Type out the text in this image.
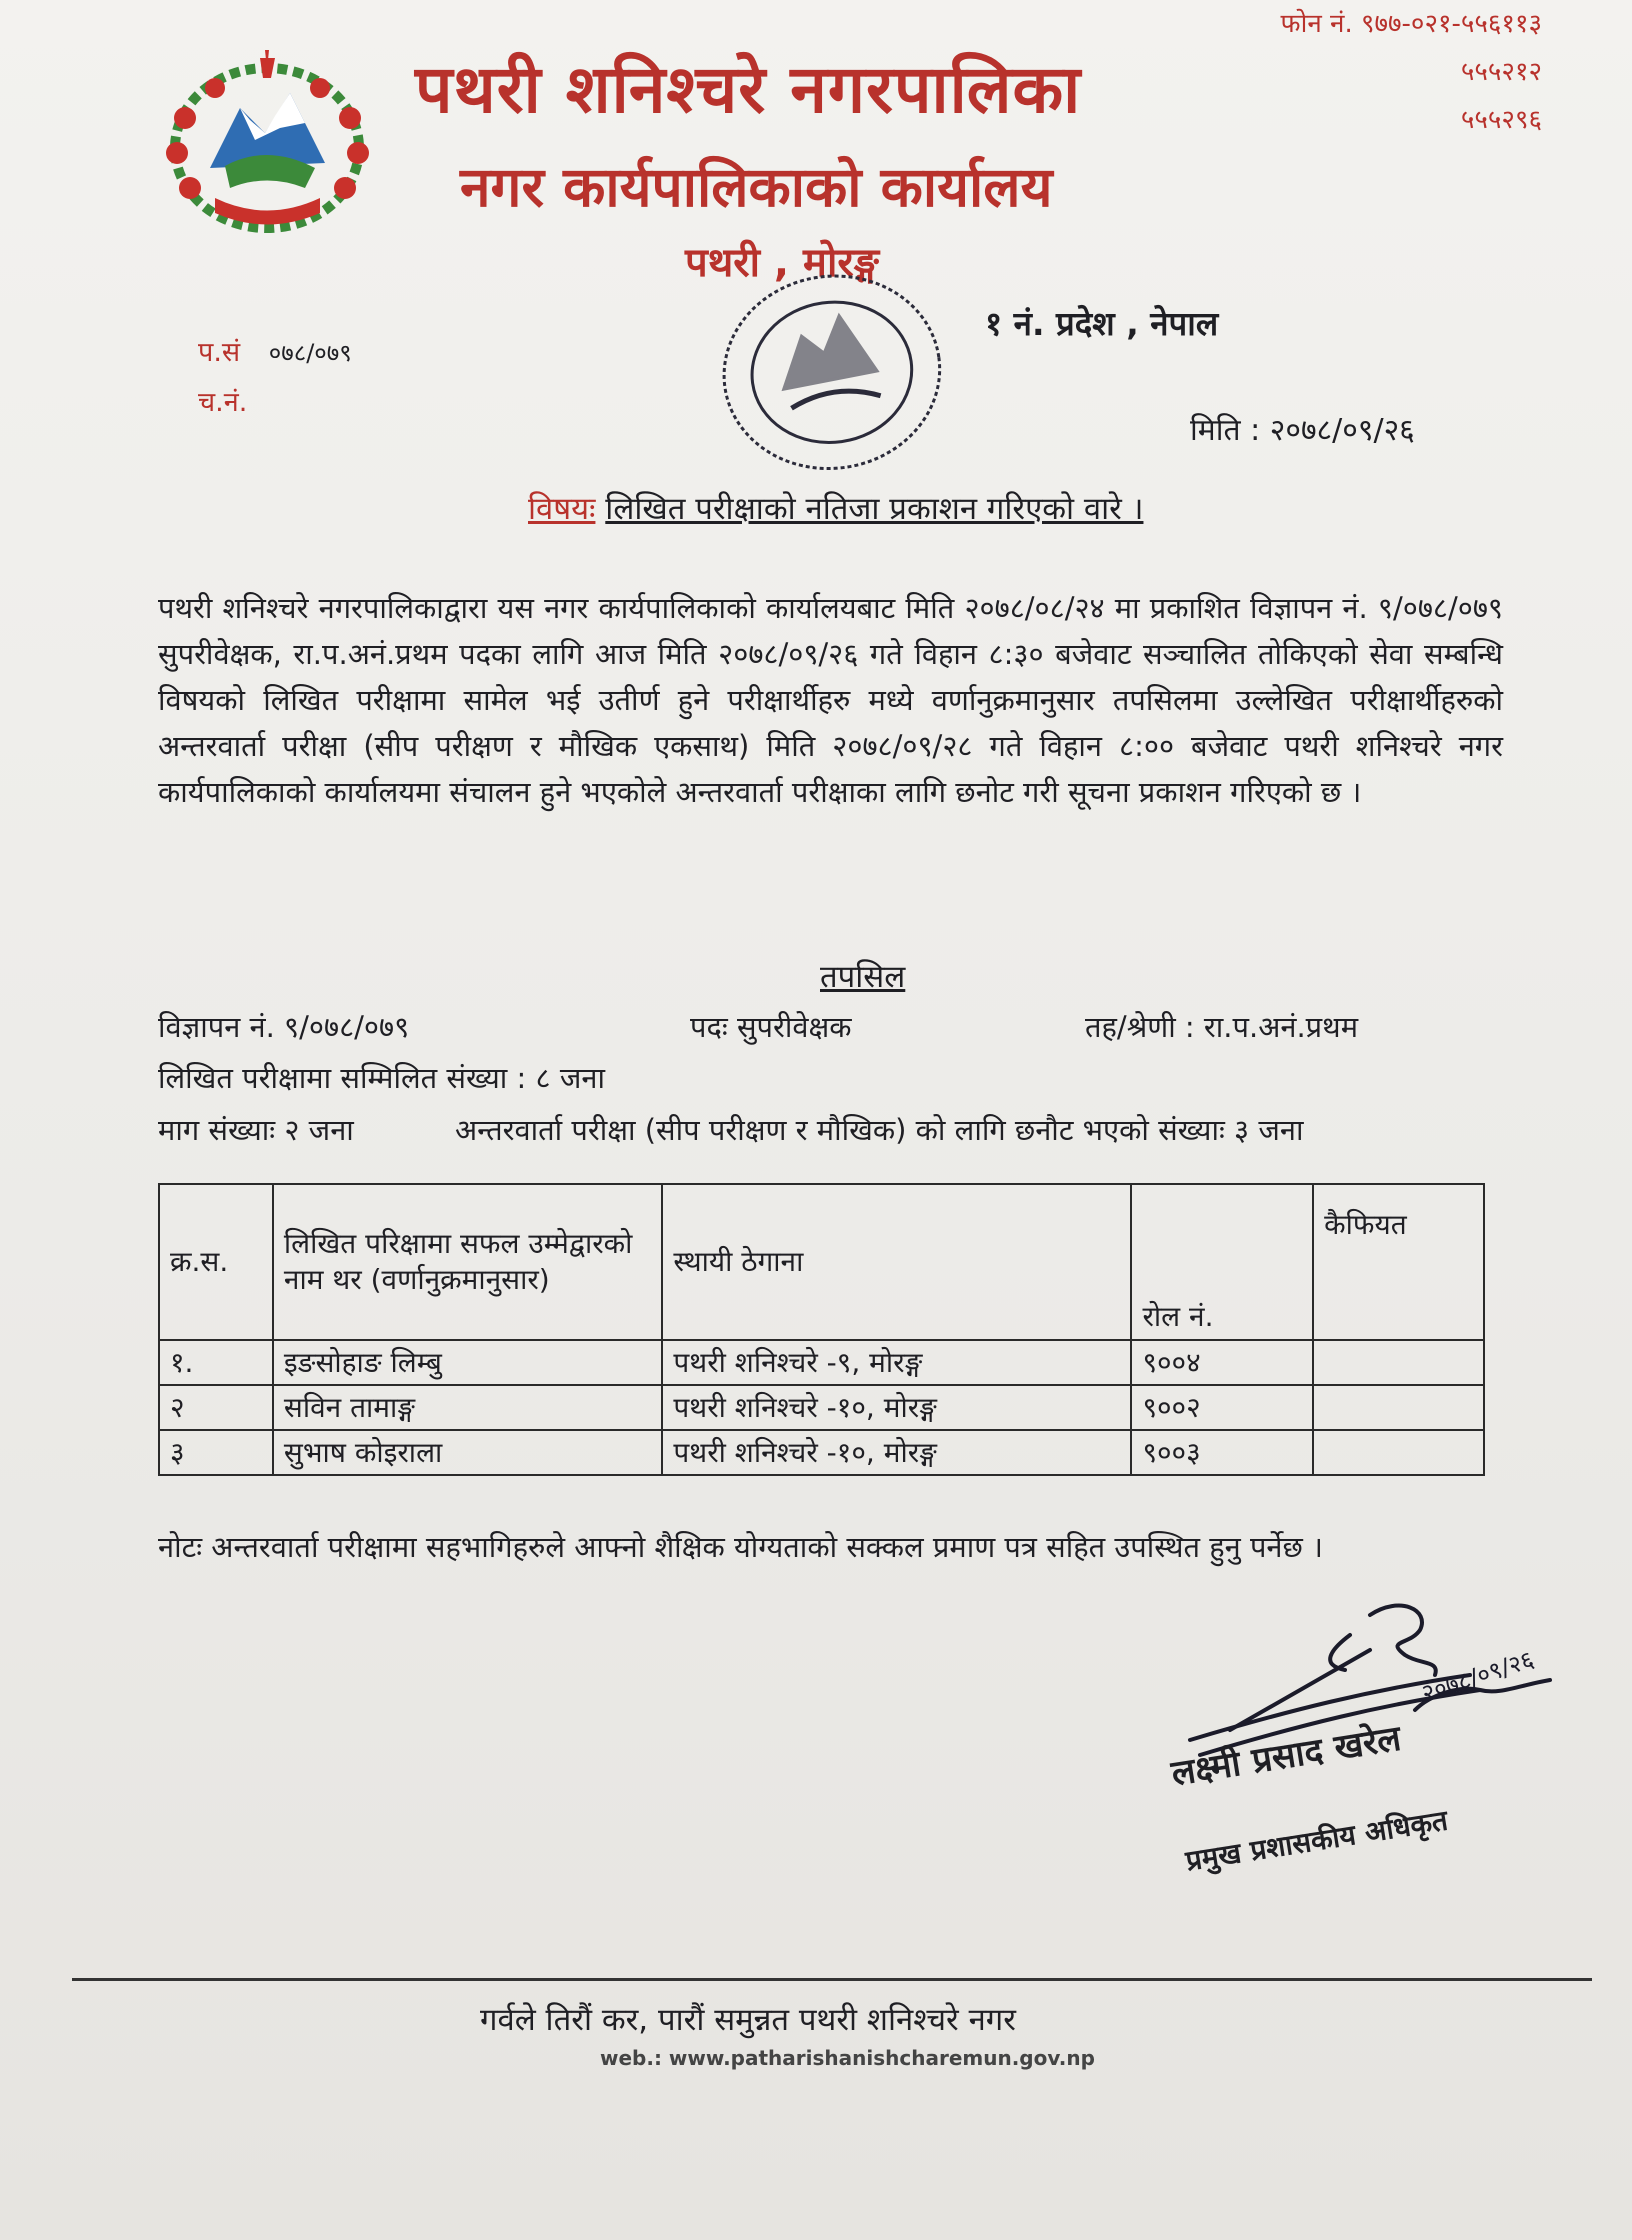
फोन नं. ९७७-०२१-५५६११३
५५५२१२
५५५२९६
पथरी शनिश्चरे नगरपालिका
नगर कार्यपालिकाको कार्यालय
पथरी , मोरङ्ग
१ नं. प्रदेश , नेपाल
प.सं ०७८/०७९
च.नं.
मिति : २०७८/०९/२६
विषयः लिखित परीक्षाको नतिजा प्रकाशन गरिएको वारे ।
पथरी शनिश्चरे नगरपालिकाद्वारा यस नगर कार्यपालिकाको कार्यालयबाट मिति २०७८/०८/२४ मा प्रकाशित विज्ञापन नं. ९/०७८/०७९ सुपरीवेक्षक, रा.प.अनं.प्रथम पदका लागि आज मिति २०७८/०९/२६ गते विहान ८:३० बजेवाट सञ्चालित तोकिएको सेवा सम्बन्धि विषयको लिखित परीक्षामा सामेल भई उतीर्ण हुने परीक्षार्थीहरु मध्ये वर्णानुक्रमानुसार तपसिलमा उल्लेखित परीक्षार्थीहरुको अन्तरवार्ता परीक्षा (सीप परीक्षण र मौखिक एकसाथ) मिति २०७८/०९/२८ गते विहान ८:०० बजेवाट पथरी शनिश्चरे नगर कार्यपालिकाको कार्यालयमा संचालन हुने भएकोले अन्तरवार्ता परीक्षाका लागि छनोट गरी सूचना प्रकाशन गरिएको छ ।
तपसिल
विज्ञापन नं. ९/०७८/०७९	पदः सुपरीवेक्षक	तह/श्रेणी : रा.प.अनं.प्रथम
लिखित परीक्षामा सम्मिलित संख्या : ८ जना
माग संख्याः २ जना	अन्तरवार्ता परीक्षा (सीप परीक्षण र मौखिक) को लागि छनौट भएको संख्याः ३ जना
क्र.स.	लिखित परिक्षामा सफल उम्मेद्वारको नाम थर (वर्णानुक्रमानुसार)	स्थायी ठेगाना	रोल नं.	कैफियत
१.	इङसोहाङ लिम्बु	पथरी शनिश्चरे -९, मोरङ्ग	९००४	
२	सविन तामाङ्ग	पथरी शनिश्चरे -१०, मोरङ्ग	९००२	
३	सुभाष कोइराला	पथरी शनिश्चरे -१०, मोरङ्ग	९००३	
नोटः अन्तरवार्ता परीक्षामा सहभागिहरुले आफ्नो शैक्षिक योग्यताको सक्कल प्रमाण पत्र सहित उपस्थित हुनु पर्नेछ ।
२०७८/०९/२६
लक्ष्मी प्रसाद खरेल
प्रमुख प्रशासकीय अधिकृत
गर्वले तिरौं कर, पारौं समुन्नत पथरी शनिश्चरे नगर
web.: www.patharishanishcharemun.gov.np
